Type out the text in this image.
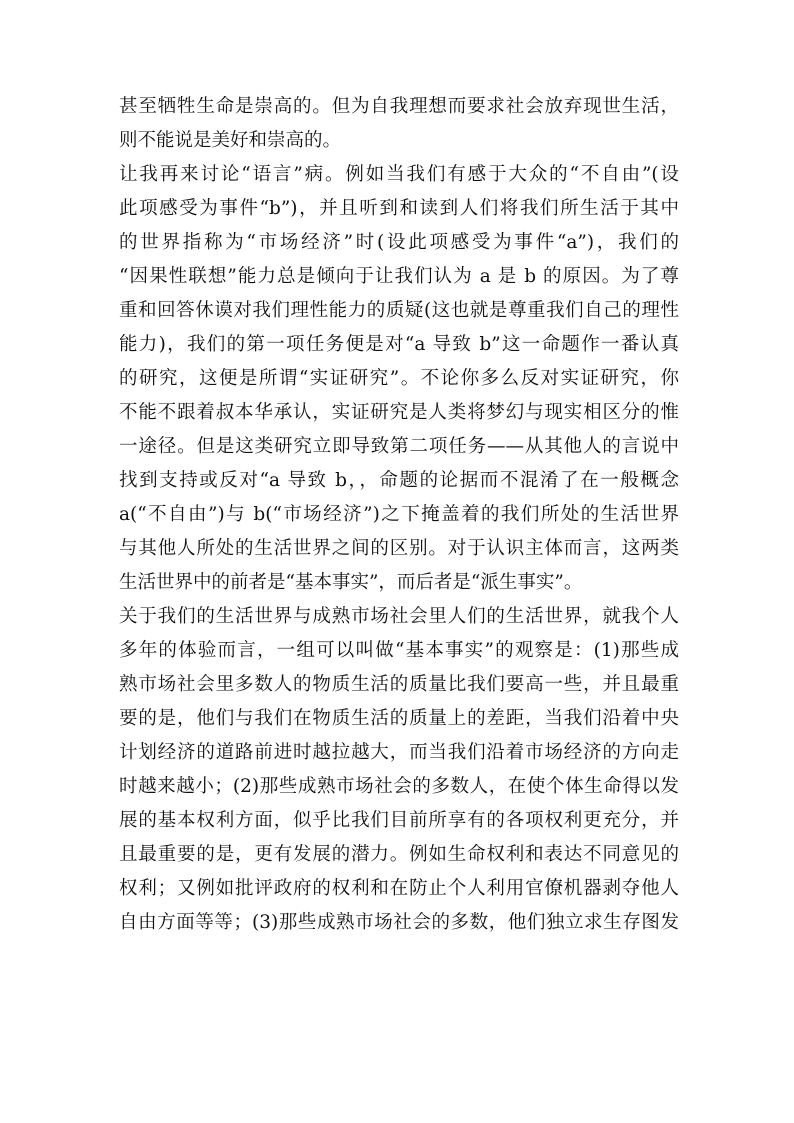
甚至牺牲生命是崇高的。但为自我理想而要求社会放弃现世生活，
则不能说是美好和崇高的。
让我再来讨论“语言”病。例如当我们有感于大众的“不自由”(设
此项感受为事件“b”)，并且听到和读到人们将我们所生活于其中
的世界指称为“市场经济”时(设此项感受为事件“a”)，我们的
“因果性联想”能力总是倾向于让我们认为 a 是 b 的原因。为了尊
重和回答休谟对我们理性能力的质疑(这也就是尊重我们自己的理性
能力)，我们的第一项任务便是对“a 导致 b”这一命题作一番认真
的研究，这便是所谓“实证研究”。不论你多么反对实证研究，你
不能不跟着叔本华承认，实证研究是人类将梦幻与现实相区分的惟
一途径。但是这类研究立即导致第二项任务——从其他人的言说中
找到支持或反对“a 导致 b，，命题的论据而不混淆了在一般概念
a(“不自由”)与 b(“市场经济”)之下掩盖着的我们所处的生活世界
与其他人所处的生活世界之间的区别。对于认识主体而言，这两类
生活世界中的前者是“基本事实”，而后者是“派生事实”。
关于我们的生活世界与成熟市场社会里人们的生活世界，就我个人
多年的体验而言，一组可以叫做“基本事实”的观察是：(1)那些成
熟市场社会里多数人的物质生活的质量比我们要高一些，并且最重
要的是，他们与我们在物质生活的质量上的差距，当我们沿着中央
计划经济的道路前进时越拉越大，而当我们沿着市场经济的方向走
时越来越小；(2)那些成熟市场社会的多数人，在使个体生命得以发
展的基本权利方面，似乎比我们目前所享有的各项权利更充分，并
且最重要的是，更有发展的潜力。例如生命权利和表达不同意见的
权利；又例如批评政府的权利和在防止个人利用官僚机器剥夺他人
自由方面等等；(3)那些成熟市场社会的多数，他们独立求生存图发
